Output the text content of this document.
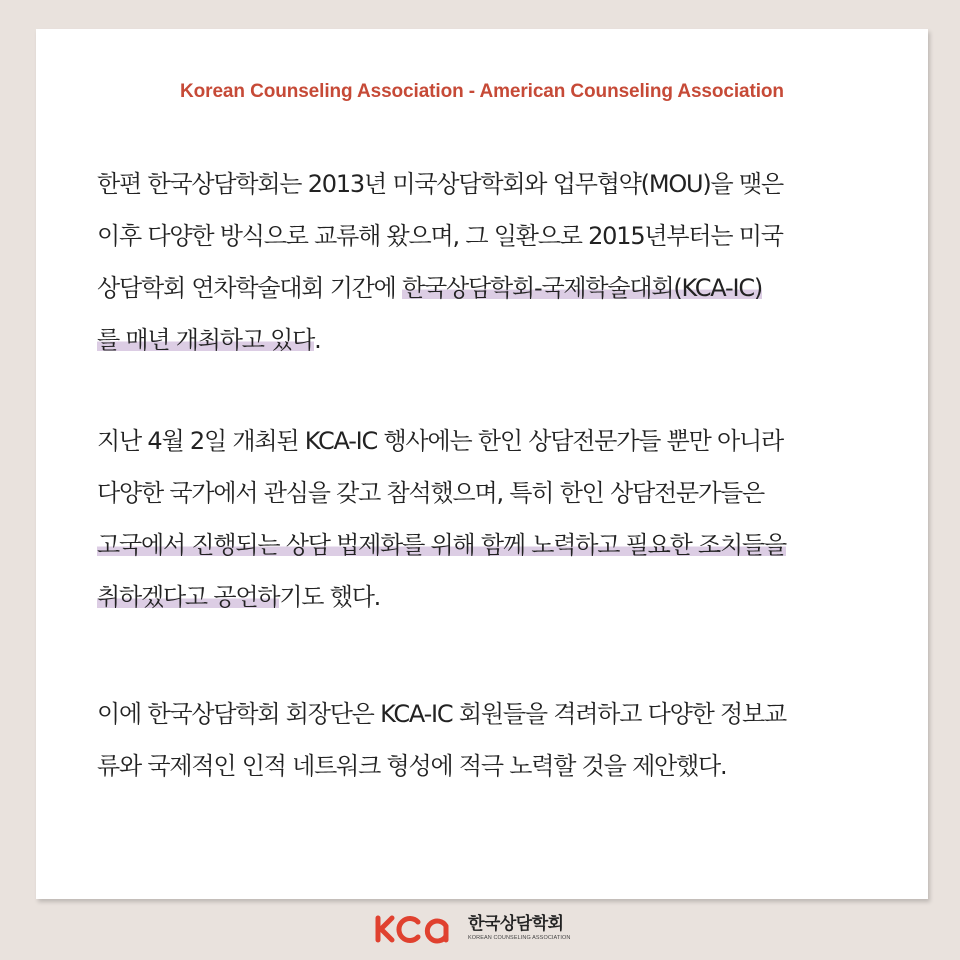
Korean Counseling Association - American Counseling Association
한편 한국상담학회는 2013년 미국상담학회와 업무협약(MOU)을 맺은
이후 다양한 방식으로 교류해 왔으며, 그 일환으로 2015년부터는 미국
상담학회 연차학술대회 기간에 한국상담학회-국제학술대회(KCA-IC)
를 매년 개최하고 있다.
지난 4월 2일 개최된 KCA-IC 행사에는 한인 상담전문가들 뿐만 아니라
다양한 국가에서 관심을 갖고 참석했으며, 특히 한인 상담전문가들은
고국에서 진행되는 상담 법제화를 위해 함께 노력하고 필요한 조치들을
취하겠다고 공언하기도 했다.
이에 한국상담학회 회장단은 KCA-IC 회원들을 격려하고 다양한 정보교
류와 국제적인 인적 네트워크 형성에 적극 노력할 것을 제안했다.
한국상담학회
KOREAN COUNSELING ASSOCIATION
